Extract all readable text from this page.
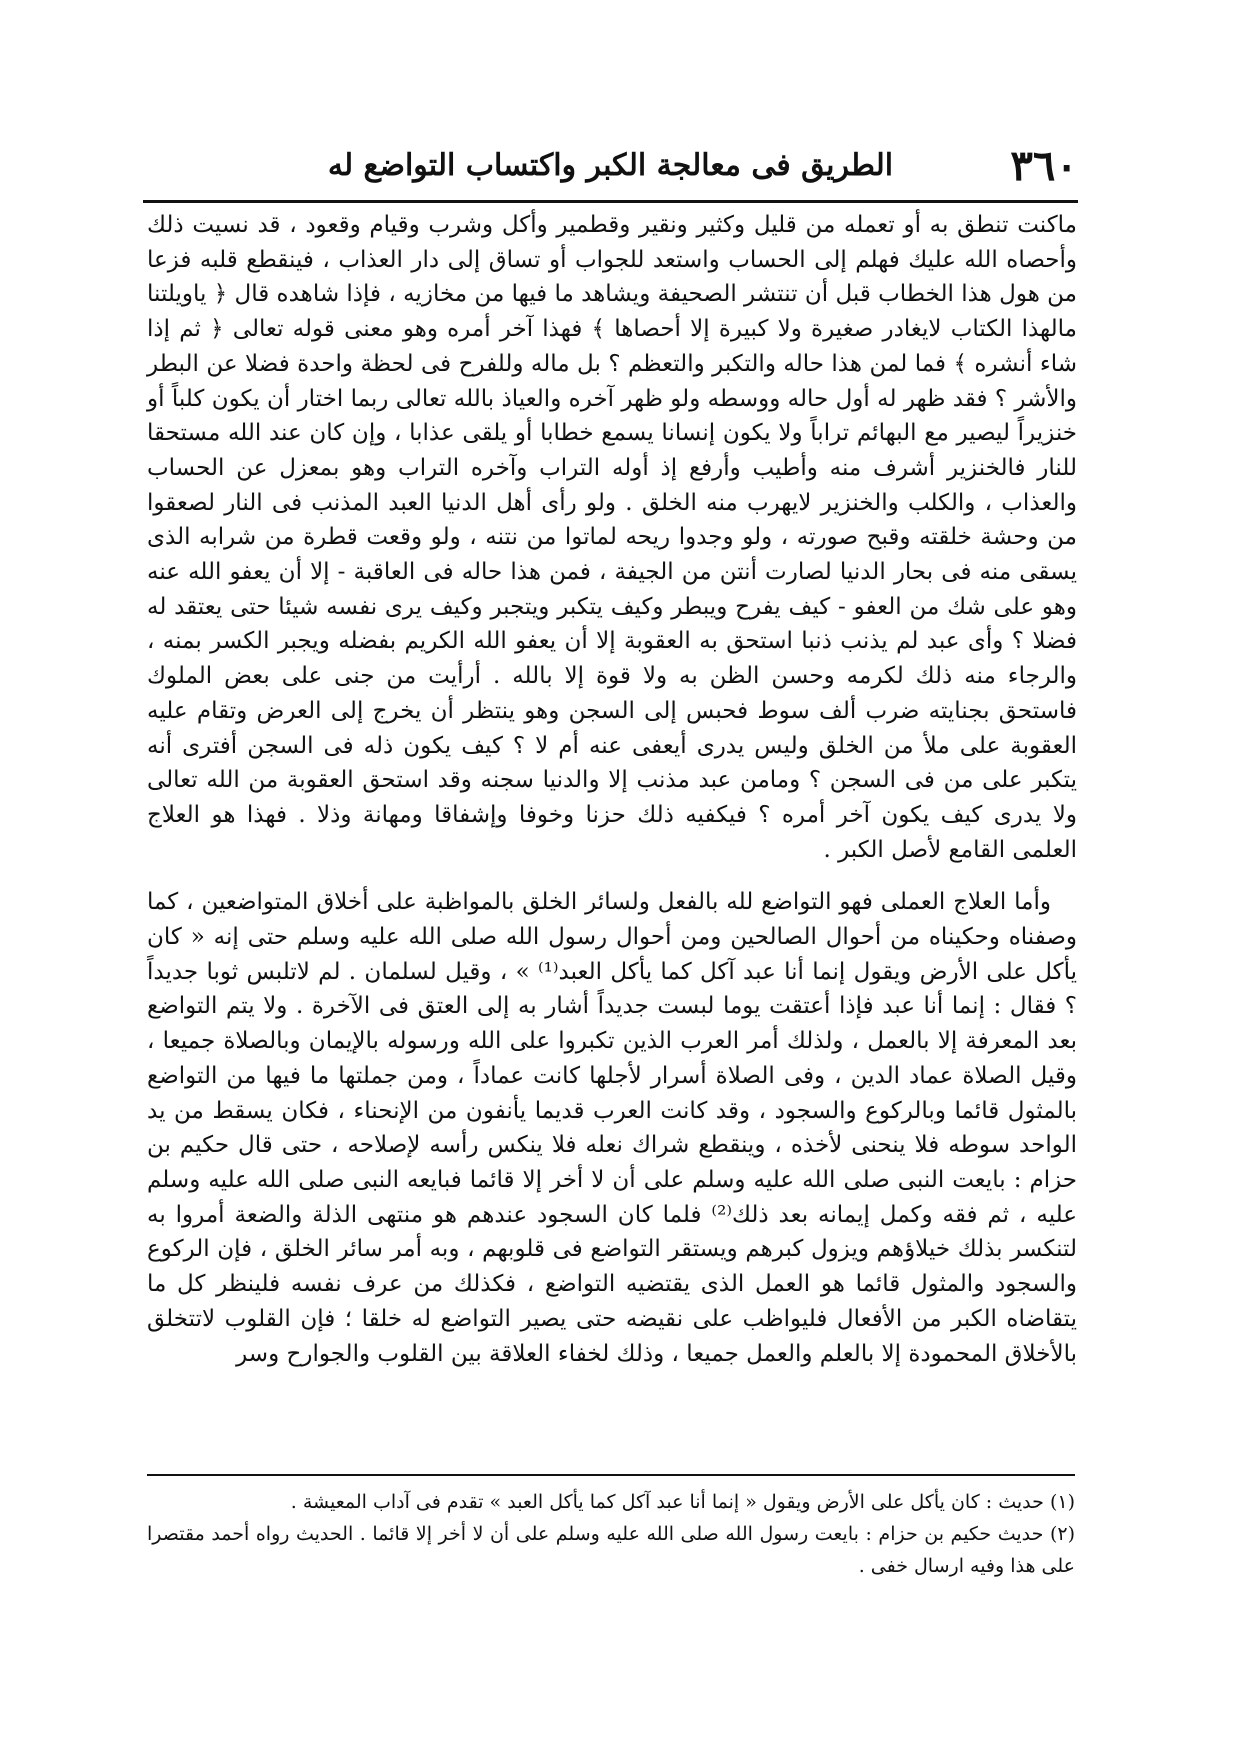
٣٦٠
الطريق فى معالجة الكبر واكتساب التواضع له

ماكنت تنطق به أو تعمله من قليل وكثير ونقير وقطمير وأكل وشرب وقيام وقعود ، قد نسيت ذلك وأحصاه الله عليك فهلم إلى الحساب واستعد للجواب أو تساق إلى دار العذاب ، فينقطع قلبه فزعا من هول هذا الخطاب قبل أن تنتشر الصحيفة ويشاهد ما فيها من مخازيه ، فإذا شاهده قال ﴿ ياويلتنا مالهذا الكتاب لايغادر صغيرة ولا كبيرة إلا أحصاها ﴾ فهذا آخر أمره وهو معنى قوله تعالى ﴿ ثم إذا شاء أنشره ﴾ فما لمن هذا حاله والتكبر والتعظم ؟ بل ماله وللفرح فى لحظة واحدة فضلا عن البطر والأشر ؟ فقد ظهر له أول حاله ووسطه ولو ظهر آخره والعياذ بالله تعالى ربما اختار أن يكون كلباً أو خنزيراً ليصير مع البهائم تراباً ولا يكون إنسانا يسمع خطابا أو يلقى عذابا ، وإن كان عند الله مستحقا للنار فالخنزير أشرف منه وأطيب وأرفع إذ أوله التراب وآخره التراب وهو بمعزل عن الحساب والعذاب ، والكلب والخنزير لايهرب منه الخلق . ولو رأى أهل الدنيا العبد المذنب فى النار لصعقوا من وحشة خلقته وقبح صورته ، ولو وجدوا ريحه لماتوا من نتنه ، ولو وقعت قطرة من شرابه الذى يسقى منه فى بحار الدنيا لصارت أنتن من الجيفة ، فمن هذا حاله فى العاقبة - إلا أن يعفو الله عنه وهو على شك من العفو - كيف يفرح ويبطر وكيف يتكبر ويتجبر وكيف يرى نفسه شيئا حتى يعتقد له فضلا ؟ وأى عبد لم يذنب ذنبا استحق به العقوبة إلا أن يعفو الله الكريم بفضله ويجبر الكسر بمنه ، والرجاء منه ذلك لكرمه وحسن الظن به ولا قوة إلا بالله . أرأيت من جنى على بعض الملوك فاستحق بجنايته ضرب ألف سوط فحبس إلى السجن وهو ينتظر أن يخرج إلى العرض وتقام عليه العقوبة على ملأ من الخلق وليس يدرى أيعفى عنه أم لا ؟ كيف يكون ذله فى السجن أفترى أنه يتكبر على من فى السجن ؟ ومامن عبد مذنب إلا والدنيا سجنه وقد استحق العقوبة من الله تعالى ولا يدرى كيف يكون آخر أمره ؟ فيكفيه ذلك حزنا وخوفا وإشفاقا ومهانة وذلا . فهذا هو العلاج العلمى القامع لأصل الكبر .

وأما العلاج العملى فهو التواضع لله بالفعل ولسائر الخلق بالمواظبة على أخلاق المتواضعين ، كما وصفناه وحكيناه من أحوال الصالحين ومن أحوال رسول الله صلى الله عليه وسلم حتى إنه « كان يأكل على الأرض ويقول إنما أنا عبد آكل كما يأكل العبد⁽¹⁾ » ، وقيل لسلمان . لم لاتلبس ثوبا جديداً ؟ فقال : إنما أنا عبد فإذا أعتقت يوما لبست جديداً أشار به إلى العتق فى الآخرة . ولا يتم التواضع بعد المعرفة إلا بالعمل ، ولذلك أمر العرب الذين تكبروا على الله ورسوله بالإيمان وبالصلاة جميعا ، وقيل الصلاة عماد الدين ، وفى الصلاة أسرار لأجلها كانت عماداً ، ومن جملتها ما فيها من التواضع بالمثول قائما وبالركوع والسجود ، وقد كانت العرب قديما يأنفون من الإنحناء ، فكان يسقط من يد الواحد سوطه فلا ينحنى لأخذه ، وينقطع شراك نعله فلا ينكس رأسه لإصلاحه ، حتى قال حكيم بن حزام : بايعت النبى صلى الله عليه وسلم على أن لا أخر إلا قائما فبايعه النبى صلى الله عليه وسلم عليه ، ثم فقه وكمل إيمانه بعد ذلك⁽²⁾ فلما كان السجود عندهم هو منتهى الذلة والضعة أمروا به لتنكسر بذلك خيلاؤهم ويزول كبرهم ويستقر التواضع فى قلوبهم ، وبه أمر سائر الخلق ، فإن الركوع والسجود والمثول قائما هو العمل الذى يقتضيه التواضع ، فكذلك من عرف نفسه فلينظر كل ما يتقاضاه الكبر من الأفعال فليواظب على نقيضه حتى يصير التواضع له خلقا ؛ فإن القلوب لاتتخلق بالأخلاق المحمودة إلا بالعلم والعمل جميعا ، وذلك لخفاء العلاقة بين القلوب والجوارح وسر

(١) حديث : كان يأكل على الأرض ويقول « إنما أنا عبد آكل كما يأكل العبد » تقدم فى آداب المعيشة .

(٢) حديث حكيم بن حزام : بايعت رسول الله صلى الله عليه وسلم على أن لا أخر إلا قائما . الحديث رواه أحمد مقتصرا على هذا وفيه ارسال خفى .
